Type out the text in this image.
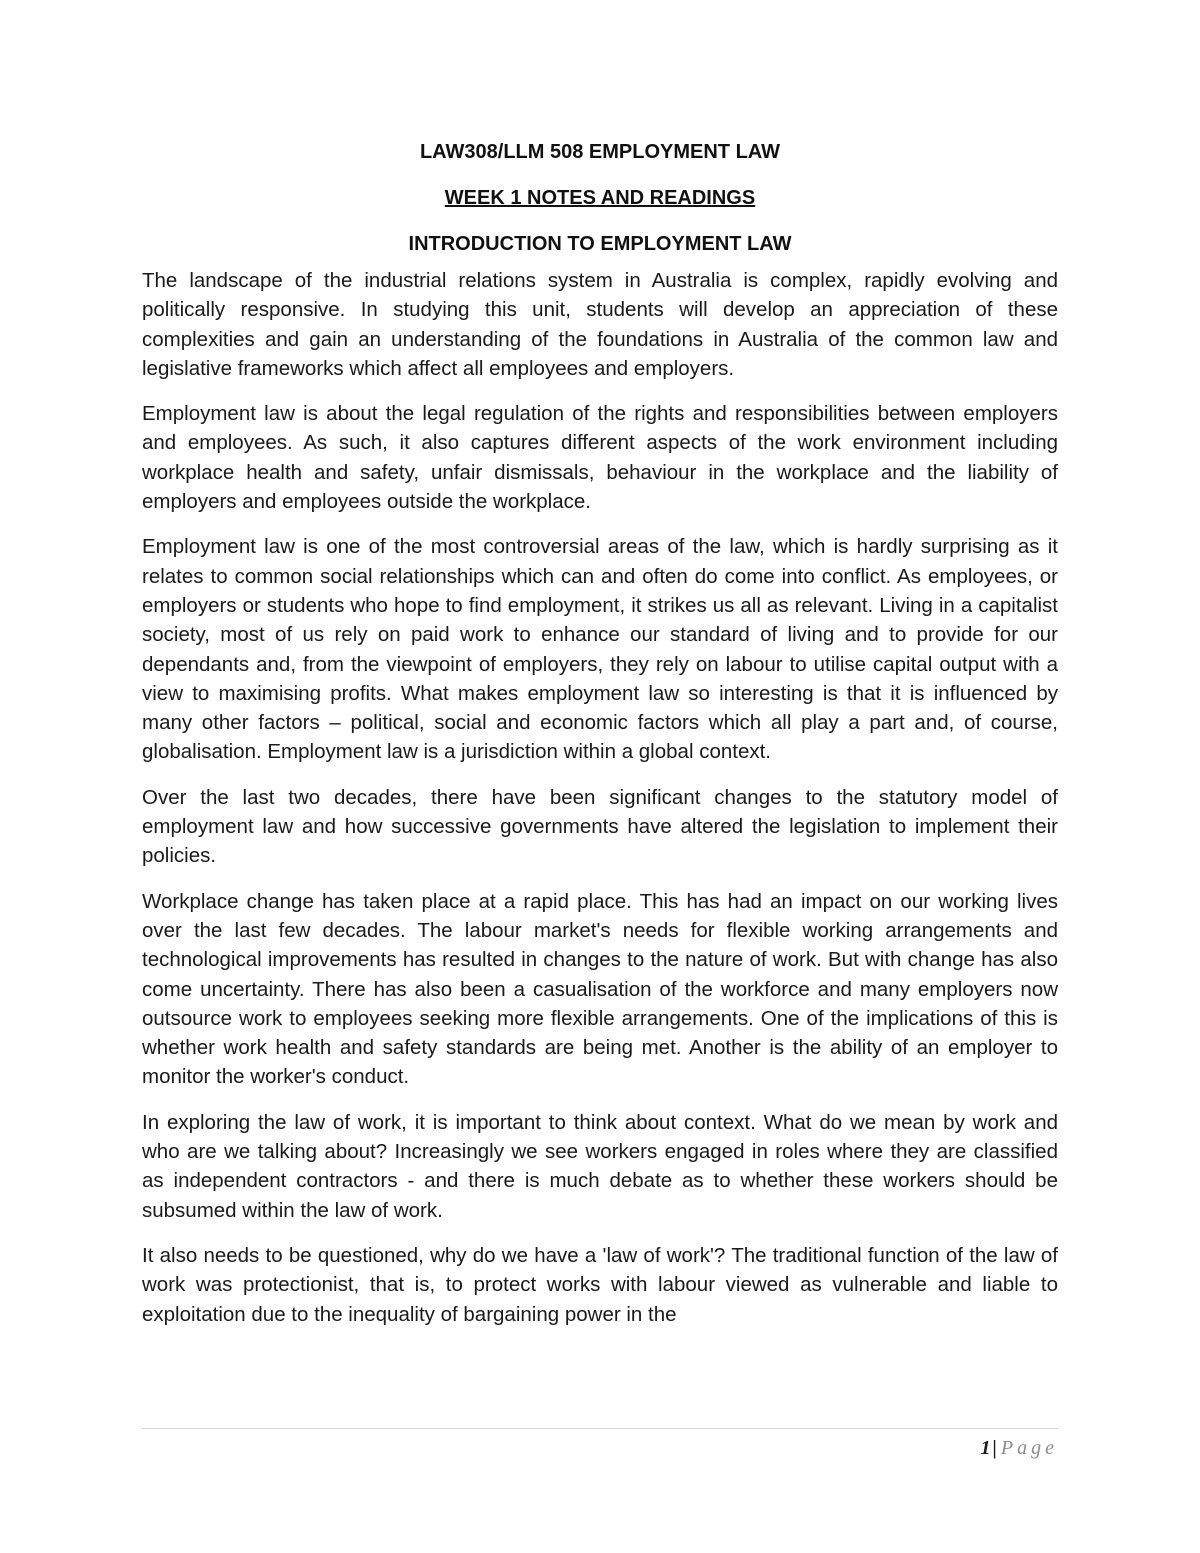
LAW308/LLM 508 EMPLOYMENT LAW
WEEK 1 NOTES AND READINGS
INTRODUCTION TO EMPLOYMENT LAW

The landscape of the industrial relations system in Australia is complex, rapidly evolving and politically responsive. In studying this unit, students will develop an appreciation of these complexities and gain an understanding of the foundations in Australia of the common law and legislative frameworks which affect all employees and employers.

Employment law is about the legal regulation of the rights and responsibilities between employers and employees. As such, it also captures different aspects of the work environment including workplace health and safety, unfair dismissals, behaviour in the workplace and the liability of employers and employees outside the workplace.

Employment law is one of the most controversial areas of the law, which is hardly surprising as it relates to common social relationships which can and often do come into conflict. As employees, or employers or students who hope to find employment, it strikes us all as relevant. Living in a capitalist society, most of us rely on paid work to enhance our standard of living and to provide for our dependants and, from the viewpoint of employers, they rely on labour to utilise capital output with a view to maximising profits. What makes employment law so interesting is that it is influenced by many other factors – political, social and economic factors which all play a part and, of course, globalisation. Employment law is a jurisdiction within a global context.

Over the last two decades, there have been significant changes to the statutory model of employment law and how successive governments have altered the legislation to implement their policies.

Workplace change has taken place at a rapid place. This has had an impact on our working lives over the last few decades. The labour market's needs for flexible working arrangements and technological improvements has resulted in changes to the nature of work. But with change has also come uncertainty. There has also been a casualisation of the workforce and many employers now outsource work to employees seeking more flexible arrangements. One of the implications of this is whether work health and safety standards are being met. Another is the ability of an employer to monitor the worker's conduct.

In exploring the law of work, it is important to think about context. What do we mean by work and who are we talking about? Increasingly we see workers engaged in roles where they are classified as independent contractors - and there is much debate as to whether these workers should be subsumed within the law of work.

It also needs to be questioned, why do we have a 'law of work'? The traditional function of the law of work was protectionist, that is, to protect works with labour viewed as vulnerable and liable to exploitation due to the inequality of bargaining power in the

1 | Page
